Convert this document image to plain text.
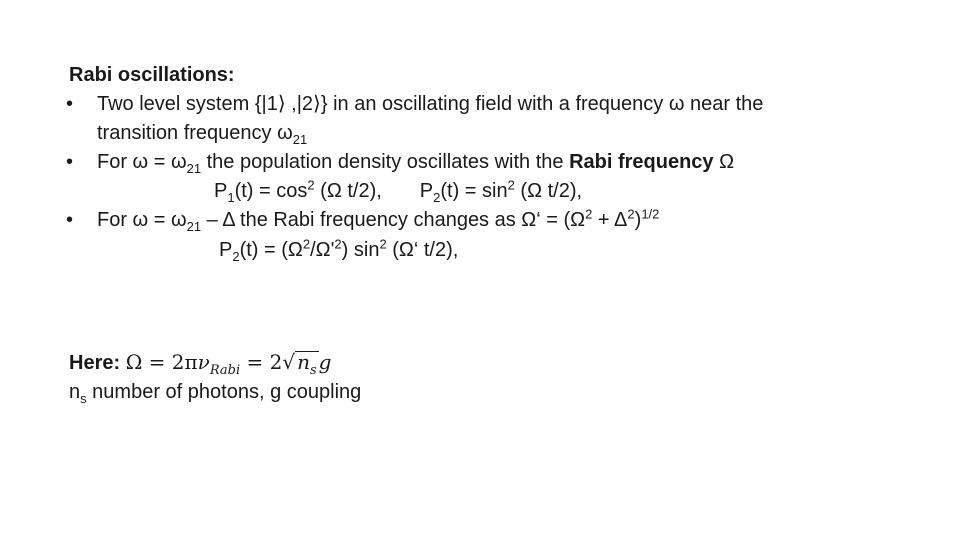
Rabi oscillations:
• Two level system {|1⟩ ,|2⟩} in an oscillating field with a frequency ω near the
transition frequency $\omega_{21}$
• For $\omega = \omega_{21}$ the population density oscillates with the Rabi frequency Ω
$P_1(t) = \cos^2 (\Omega$ t/2), $P_2(t) = \sin^2 (\Omega$ t/2),
• For $\omega = \omega_{21} - \Delta$ the Rabi frequency changes as Ω‘ = $(\Omega^2 + \Delta^2)^{1/2}$
$P_2(t) = (\Omega^2/\Omega'^2)$ $\sin^2$ (Ω‘ t/2),
Here: $\Omega = 2\pi\nu_{Rabi} = 2√$ $n_s$ g
$n_s$ number of photons, g coupling
